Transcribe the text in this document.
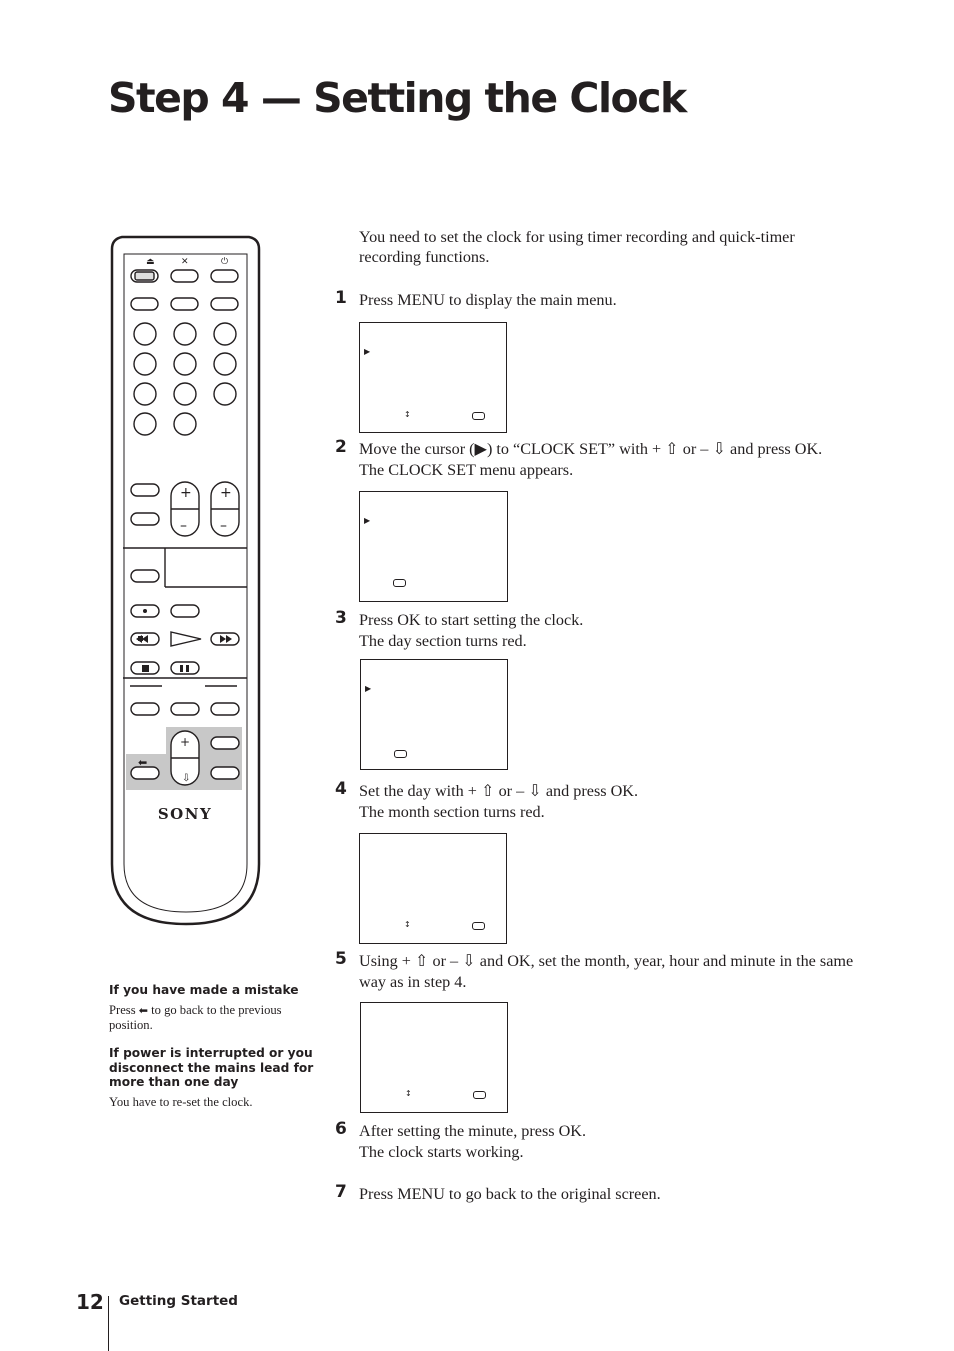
Step 4 — Setting the Clock
You need to set the clock for using timer recording and quick-timer recording functions.
+
–
+
–
+
⇩
⬅
⏏	✕	⏻
SONY
1 Press MENU to display the main menu.
▶
↕
2 Move the cursor (▶) to “CLOCK SET” with + ⇧ or – ⇩ and press OK.
The CLOCK SET menu appears.
▶
3 Press OK to start setting the clock.
The day section turns red.
▶
4 Set the day with + ⇧ or – ⇩ and press OK.
The month section turns red.
↕
5 Using + ⇧ or – ⇩ and OK, set the month, year, hour and minute in the same way as in step 4.
↕
6 After setting the minute, press OK.
The clock starts working.
7 Press MENU to go back to the original screen.
If you have made a mistake
Press ⬅ to go back to the previous position.
If power is interrupted or you disconnect the mains lead for more than one day
You have to re-set the clock.
12 Getting Started
